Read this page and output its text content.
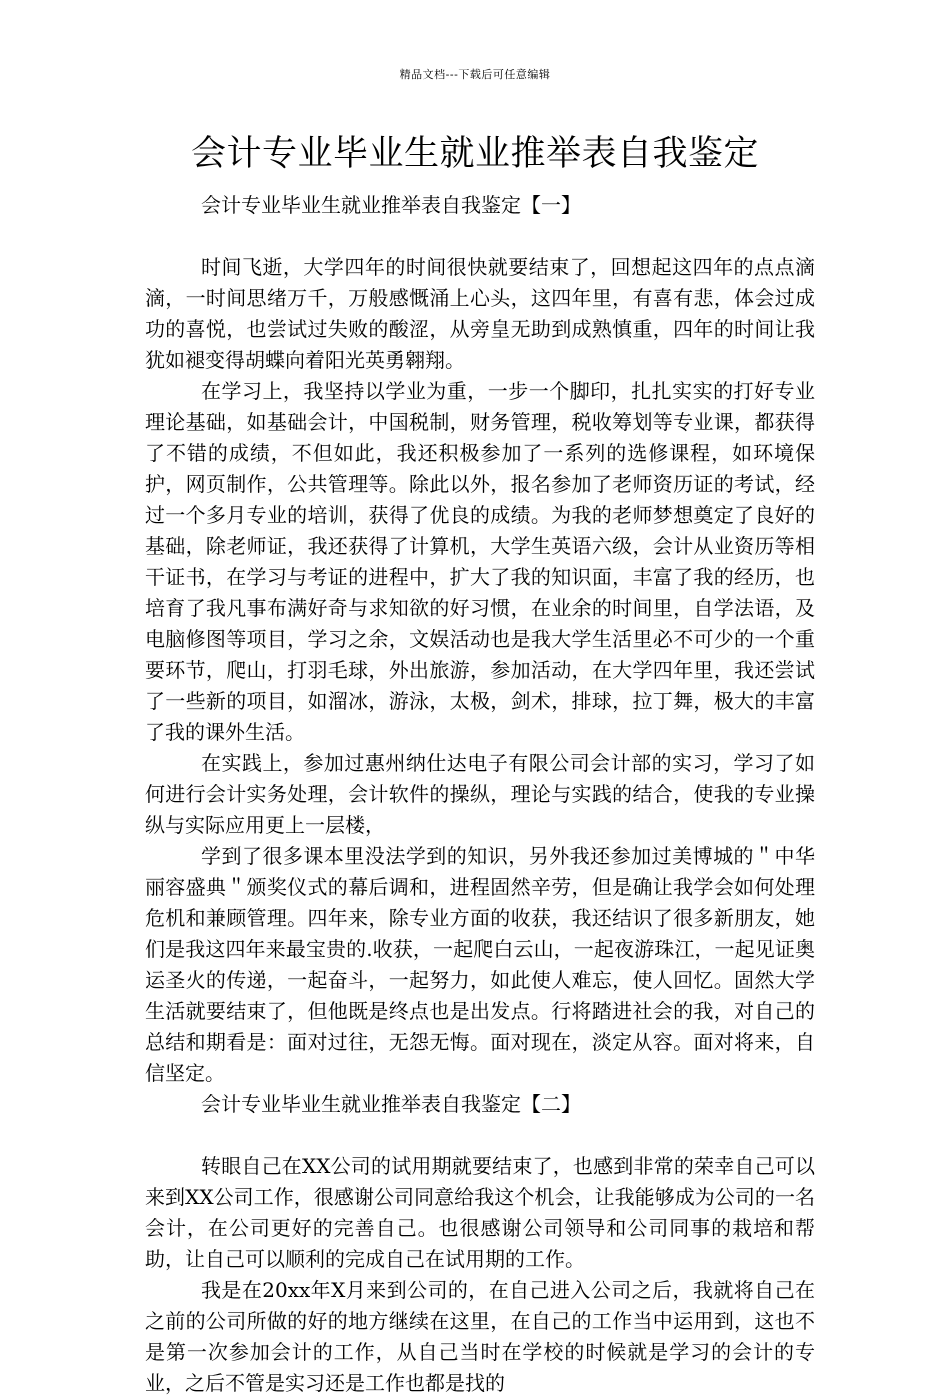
精品文档---下载后可任意编辑
会计专业毕业生就业推举表自我鉴定

会计专业毕业生就业推举表自我鉴定【一】

时间飞逝，大学四年的时间很快就要结束了，回想起这四年的点点滴滴，一时间思绪万千，万般感慨涌上心头，这四年里，有喜有悲，体会过成功的喜悦，也尝试过失败的酸涩，从旁皇无助到成熟慎重，四年的时间让我犹如褪变得胡蝶向着阳光英勇翱翔。

在学习上，我坚持以学业为重，一步一个脚印，扎扎实实的打好专业理论基础，如基础会计，中国税制，财务管理，税收筹划等专业课，都获得了不错的成绩，不但如此，我还积极参加了一系列的选修课程，如环境保护，网页制作，公共管理等。除此以外，报名参加了老师资历证的考试，经过一个多月专业的培训，获得了优良的成绩。为我的老师梦想奠定了良好的基础，除老师证，我还获得了计算机，大学生英语六级，会计从业资历等相干证书，在学习与考证的进程中，扩大了我的知识面，丰富了我的经历，也培育了我凡事布满好奇与求知欲的好习惯，在业余的时间里，自学法语，及电脑修图等项目，学习之余，文娱活动也是我大学生活里必不可少的一个重要环节，爬山，打羽毛球，外出旅游，参加活动，在大学四年里，我还尝试了一些新的项目，如溜冰，游泳，太极，剑术，排球，拉丁舞，极大的丰富了我的课外生活。

在实践上，参加过惠州纳仕达电子有限公司会计部的实习，学习了如何进行会计实务处理，会计软件的操纵，理论与实践的结合，使我的专业操纵与实际应用更上一层楼，

学到了很多课本里没法学到的知识，另外我还参加过美博城的＂中华丽容盛典＂颁奖仪式的幕后调和，进程固然辛劳，但是确让我学会如何处理危机和兼顾管理。四年来，除专业方面的收获，我还结识了很多新朋友，她们是我这四年来最宝贵的.收获，一起爬白云山，一起夜游珠江，一起见证奥运圣火的传递，一起奋斗，一起努力，如此使人难忘，使人回忆。固然大学生活就要结束了，但他既是终点也是出发点。行将踏进社会的我，对自己的总结和期看是：面对过往，无怨无悔。面对现在，淡定从容。面对将来，自信坚定。

会计专业毕业生就业推举表自我鉴定【二】

转眼自己在XX公司的试用期就要结束了，也感到非常的荣幸自己可以来到XX公司工作，很感谢公司同意给我这个机会，让我能够成为公司的一名会计，在公司更好的完善自己。也很感谢公司领导和公司同事的栽培和帮助，让自己可以顺利的完成自己在试用期的工作。

我是在20xx年X月来到公司的，在自己进入公司之后，我就将自己在之前的公司所做的好的地方继续在这里，在自己的工作当中运用到，这也不是第一次参加会计的工作，从自己当时在学校的时候就是学习的会计的专业，之后不管是实习还是工作也都是找的
